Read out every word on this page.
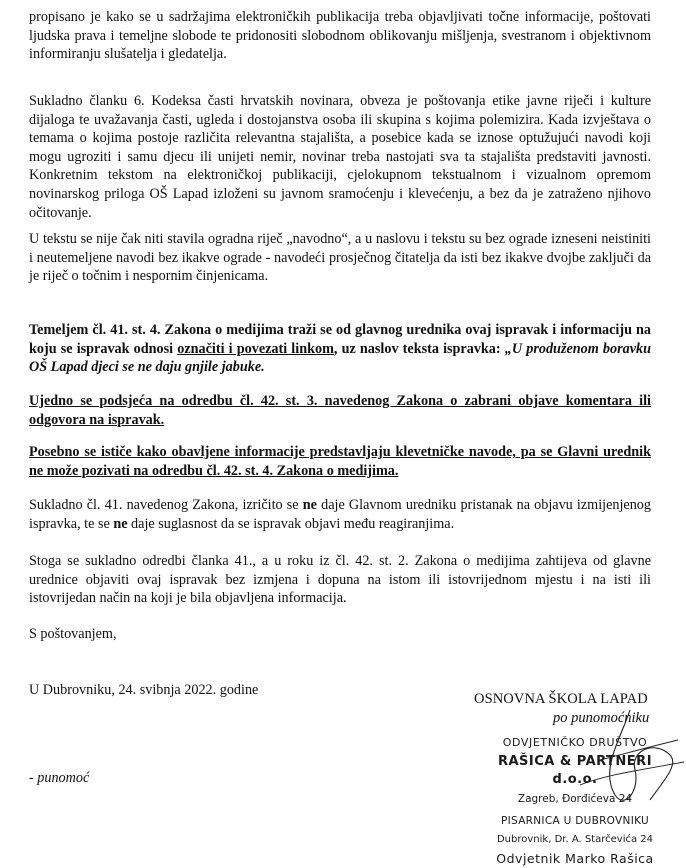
propisano je kako se u sadržajima elektroničkih publikacija treba objavljivati točne informacije, poštovati ljudska prava i temeljne slobode te pridonositi slobodnom oblikovanju mišljenja, svestranom i objektivnom informiranju slušatelja i gledatelja.

Sukladno članku 6. Kodeksa časti hrvatskih novinara, obveza je poštovanja etike javne riječi i kulture dijaloga te uvažavanja časti, ugleda i dostojanstva osoba ili skupina s kojima polemizira. Kada izvještava o temama o kojima postoje različita relevantna stajališta, a posebice kada se iznose optužujući navodi koji mogu ugroziti i samu djecu ili unijeti nemir, novinar treba nastojati sva ta stajališta predstaviti javnosti. Konkretnim tekstom na elektroničkoj publikaciji, cjelokupnom tekstualnom i vizualnom opremom novinarskog priloga OŠ Lapad izloženi su javnom sramoćenju i klevećenju, a bez da je zatraženo njihovo očitovanje.

U tekstu se nije čak niti stavila ogradna riječ „navodno“, a u naslovu i tekstu su bez ograde izneseni neistiniti i neutemeljene navodi bez ikakve ograde - navodeći prosječnog čitatelja da isti bez ikakve dvojbe zaključi da je riječ o točnim i nespornim činjenicama.

Temeljem čl. 41. st. 4. Zakona o medijima traži se od glavnog urednika ovaj ispravak i informaciju na koju se ispravak odnosi označiti i povezati linkom, uz naslov teksta ispravka: „U produženom boravku OŠ Lapad djeci se ne daju gnjile jabuke.

Ujedno se podsjeća na odredbu čl. 42. st. 3. navedenog Zakona o zabrani objave komentara ili odgovora na ispravak.

Posebno se ističe kako obavljene informacije predstavljaju klevetničke navode, pa se Glavni urednik ne može pozivati na odredbu čl. 42. st. 4. Zakona o medijima.

Sukladno čl. 41. navedenog Zakona, izričito se ne daje Glavnom uredniku pristanak na objavu izmijenjenog ispravka, te se ne daje suglasnost da se ispravak objavi među reagiranjima.

Stoga se sukladno odredbi članka 41., a u roku iz čl. 42. st. 2. Zakona o medijima zahtijeva od glavne urednice objaviti ovaj ispravak bez izmjena i dopuna na istom ili istovrijednom mjestu i na isti ili istovrijedan način na koji je bila objavljena informacija.

S poštovanjem,
U Dubrovniku, 24. svibnja 2022. godine
- punomoć
OSNOVNA ŠKOLA LAPAD
po punomoćniku
ODVJETNIČKO DRUŠTVO
RAŠICA & PARTNERI d.o.o.
Zagreb, Đorđićeva 24
PISARNICA U DUBROVNIKU
Dubrovnik, Dr. A. Starčevića 24
Odvjetnik Marko Rašica
